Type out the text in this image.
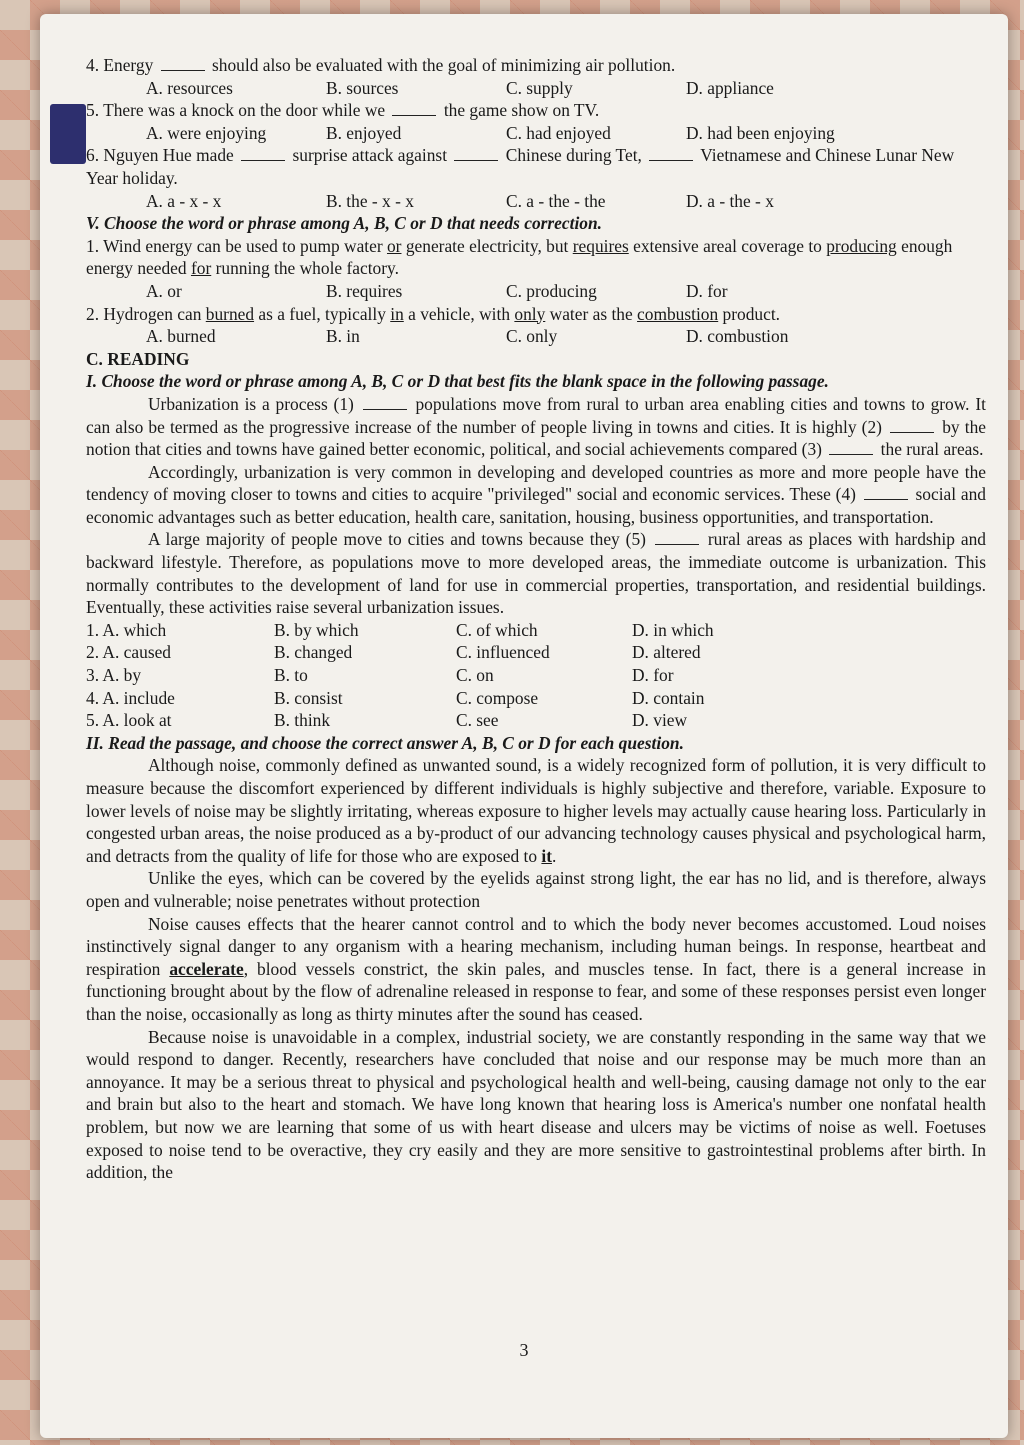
4. Energy	should also be evaluated with the goal of minimizing air pollution.
A. resources	B. sources	C. supply	D. appliance
5. There was a knock on the door while we	the game show on TV.
A. were enjoying	B. enjoyed	C. had enjoyed	D. had been enjoying
6. Nguyen Hue made	surprise attack against	Chinese during Tet,	Vietnamese and Chinese Lunar New Year holiday.
A. a - x - x	B. the - x - x	C. a - the - the	D. a - the - x
V. Choose the word or phrase among A, B, C or D that needs correction.
1. Wind energy can be used to pump water or generate electricity, but requires extensive areal coverage to producing enough energy needed for running the whole factory.
A. or	B. requires	C. producing	D. for
2. Hydrogen can burned as a fuel, typically in a vehicle, with only water as the combustion product.
A. burned	B. in	C. only	D. combustion
C. READING
I. Choose the word or phrase among A, B, C or D that best fits the blank space in the following passage.
Urbanization is a process (1)	populations move from rural to urban area enabling cities and towns to grow. It can also be termed as the progressive increase of the number of people living in towns and cities. It is highly (2)	by the notion that cities and towns have gained better economic, political, and social achievements compared (3)	the rural areas.
Accordingly, urbanization is very common in developing and developed countries as more and more people have the tendency of moving closer to towns and cities to acquire "privileged" social and economic services. These (4)	social and economic advantages such as better education, health care, sanitation, housing, business opportunities, and transportation.
A large majority of people move to cities and towns because they (5)	rural areas as places with hardship and backward lifestyle. Therefore, as populations move to more developed areas, the immediate outcome is urbanization. This normally contributes to the development of land for use in commercial properties, transportation, and residential buildings. Eventually, these activities raise several urbanization issues.
1. A. which	B. by which	C. of which	D. in which
2. A. caused	B. changed	C. influenced	D. altered
3. A. by	B. to	C. on	D. for
4. A. include	B. consist	C. compose	D. contain
5. A. look at	B. think	C. see	D. view
II. Read the passage, and choose the correct answer A, B, C or D for each question.
Although noise, commonly defined as unwanted sound, is a widely recognized form of pollution, it is very difficult to measure because the discomfort experienced by different individuals is highly subjective and therefore, variable. Exposure to lower levels of noise may be slightly irritating, whereas exposure to higher levels may actually cause hearing loss. Particularly in congested urban areas, the noise produced as a by-product of our advancing technology causes physical and psychological harm, and detracts from the quality of life for those who are exposed to it.
Unlike the eyes, which can be covered by the eyelids against strong light, the ear has no lid, and is therefore, always open and vulnerable; noise penetrates without protection
Noise causes effects that the hearer cannot control and to which the body never becomes accustomed. Loud noises instinctively signal danger to any organism with a hearing mechanism, including human beings. In response, heartbeat and respiration accelerate, blood vessels constrict, the skin pales, and muscles tense. In fact, there is a general increase in functioning brought about by the flow of adrenaline released in response to fear, and some of these responses persist even longer than the noise, occasionally as long as thirty minutes after the sound has ceased.
Because noise is unavoidable in a complex, industrial society, we are constantly responding in the same way that we would respond to danger. Recently, researchers have concluded that noise and our response may be much more than an annoyance. It may be a serious threat to physical and psychological health and well-being, causing damage not only to the ear and brain but also to the heart and stomach. We have long known that hearing loss is America's number one nonfatal health problem, but now we are learning that some of us with heart disease and ulcers may be victims of noise as well. Foetuses exposed to noise tend to be overactive, they cry easily and they are more sensitive to gastrointestinal problems after birth. In addition, the
3
